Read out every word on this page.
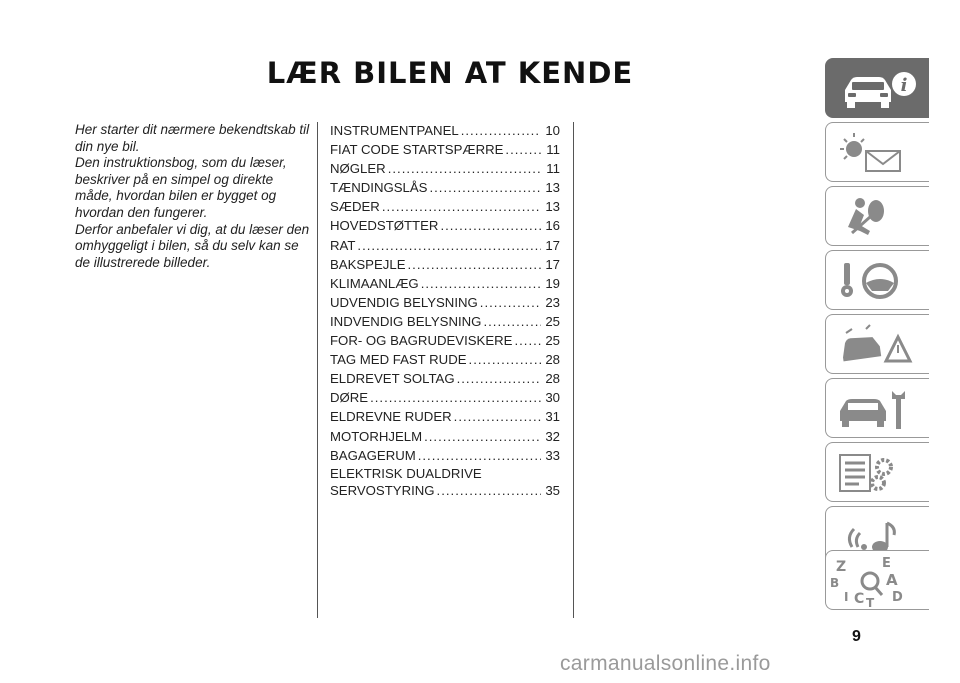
LÆR BILEN AT KENDE

Her starter dit nærmere bekendtskab til din nye bil.

Den instruktionsbog, som du læser, beskriver på en simpel og direkte måde, hvordan bilen er bygget og hvordan den fungerer.

Derfor anbefaler vi dig, at du læser den omhyggeligt i bilen, så du selv kan se de illustrerede billeder.

INSTRUMENTPANEL .....	10
FIAT CODE STARTSPÆRRE .....	11
NØGLER .....	11
TÆNDINGSLÅS .....	13
SÆDER .....	13
HOVEDSTØTTER .....	16
RAT .....	17
BAKSPEJLE .....	17
KLIMAANLÆG .....	19
UDVENDIG BELYSNING .....	23
INDVENDIG BELYSNING .....	25
FOR- OG BAGRUDEVISKERE ..... 25
TAG MED FAST RUDE .....	28
ELDREVET SOLTAG .....	28
DØRE .....	30
ELDREVNE RUDER .....	31
MOTORHJELM .....	32
BAGAGERUM .....	33
ELEKTRISK DUALDRIVE
SERVOSTYRING .....	35
i
Z	E
B	A
I C T D
9
carmanualsonline.info
